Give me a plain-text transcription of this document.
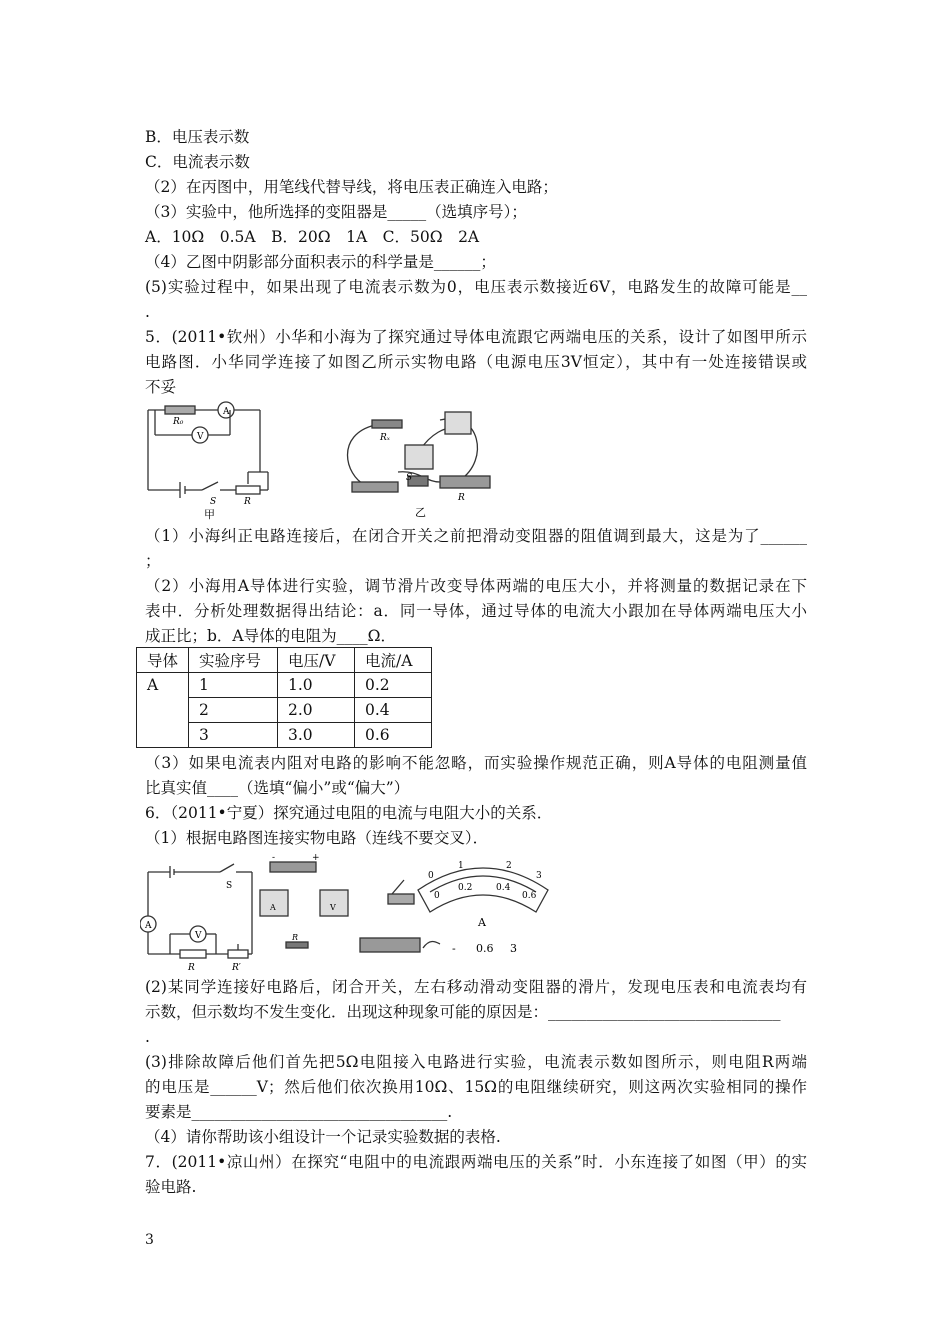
B．电压表示数
C．电流表示数
（2）在丙图中，用笔线代替导线，将电压表正确连入电路；
（3）实验中，他所选择的变阻器是_____（选填序号）；
A．10Ω　0.5A　B．20Ω　1A　C．50Ω　2A
（4）乙图中阴影部分面积表示的科学量是______；
(5)实验过程中，如果出现了电流表示数为0，电压表示数接近6V，电路发生的故障可能是__
.
5．(2011•钦州）小华和小海为了探究通过导体电流跟它两端电压的关系，设计了如图甲所示
电路图．小华同学连接了如图乙所示实物电路（电源电压3V恒定），其中有一处连接错误或
不妥
A
V
R₀
S	R
甲
Rₓ
S
R
乙
（1）小海纠正电路连接后，在闭合开关之前把滑动变阻器的阻值调到最大，这是为了______
；
（2）小海用A导体进行实验，调节滑片改变导体两端的电压大小，并将测量的数据记录在下
表中．分析处理数据得出结论：a．同一导体，通过导体的电流大小跟加在导体两端电压大小
成正比；b．A导体的电阻为____Ω．
导体	实验序号	电压/V	电流/A
A	1	1.0	0.2
	2	2.0	0.4
	3	3.0	0.6
（3）如果电流表内阻对电路的影响不能忽略，而实验操作规范正确，则A导体的电阻测量值
比真实值____（选填“偏小”或“偏大”）
6．（2011•宁夏）探究通过电阻的电流与电阻大小的关系．
（1）根据电路图连接实物电路（连线不要交叉）．
A
V
S
R	R′
-	+
A	V
R
0
1	2
3
0
0.2	0.4
0.6
A
- 0.6 3
(2)某同学连接好电路后，闭合开关，左右移动滑动变阻器的滑片，发现电压表和电流表均有
示数，但示数均不发生变化．出现这种现象可能的原因是：______________________________
.
(3)排除故障后他们首先把5Ω电阻接入电路进行实验，电流表示数如图所示，则电阻R两端
的电压是______V；然后他们依次换用10Ω、15Ω的电阻继续研究，则这两次实验相同的操作
要素是_________________________________.
（4）请你帮助该小组设计一个记录实验数据的表格.
7．(2011•凉山州）在探究“电阻中的电流跟两端电压的关系”时．小东连接了如图（甲）的实
验电路.
3
